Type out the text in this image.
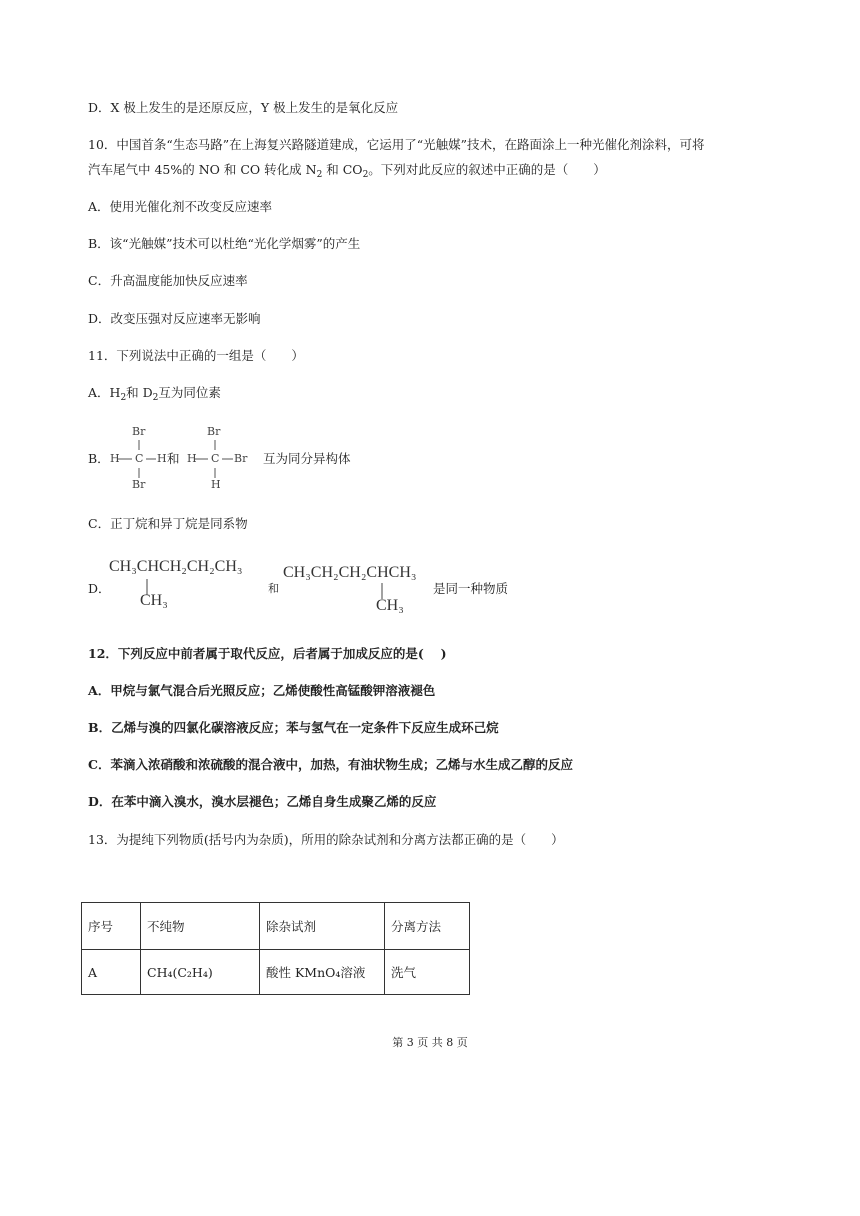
D．X 极上发生的是还原反应，Y 极上发生的是氧化反应
10．中国首条“生态马路”在上海复兴路隧道建成，它运用了“光触媒”技术，在路面涂上一种光催化剂涂料，可将
汽车尾气中 45%的 NO 和 CO 转化成 $N_2$ 和 $CO_2$。下列对此反应的叙述中正确的是（　　）
A．使用光催化剂不改变反应速率
B．该“光触媒”技术可以杜绝“光化学烟雾”的产生
C．升高温度能加快反应速率
D．改变压强对反应速率无影响
11．下列说法中正确的一组是（　　）
A．$H_2$和 $D_2$互为同位素
B．
Br
H C H
Br
和
Br
H C Br
H
互为同分异构体
C．正丁烷和异丁烷是同系物
D．
CH₃CHCH₂CH₂CH₃
CH₃
和
CH₃CH₂CH₂CHCH₃
CH₃
是同一种物质
12．下列反应中前者属于取代反应，后者属于加成反应的是(　 )
A．甲烷与氯气混合后光照反应；乙烯使酸性高锰酸钾溶液褪色
B．乙烯与溴的四氯化碳溶液反应；苯与氢气在一定条件下反应生成环己烷
C．苯滴入浓硝酸和浓硫酸的混合液中，加热，有油状物生成；乙烯与水生成乙醇的反应
D．在苯中滴入溴水，溴水层褪色；乙烯自身生成聚乙烯的反应
13．为提纯下列物质(括号内为杂质)，所用的除杂试剂和分离方法都正确的是（　　）
序号	不纯物	除杂试剂	分离方法
A	CH₄(C₂H₄)	酸性 KMnO₄溶液	洗气
第 3 页 共 8 页
